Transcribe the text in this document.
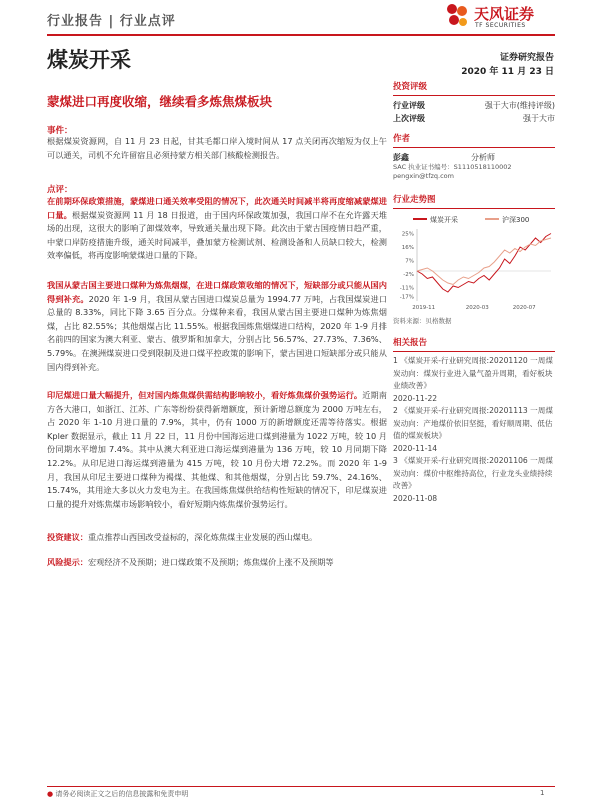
行业报告 | 行业点评	天风证券
TF SECURITIES
煤炭开采	证券研究报告
2020 年 11 月 23 日
蒙煤进口再度收缩，继续看多炼焦煤板块
事件：
根据煤炭资源网，自 11 月 23 日起，甘其毛都口岸入境时间从 17 点关闭再次缩短为仅上午可以通关，司机不允许留宿且必须持蒙方相关部门核酸检测报告。
点评：
在前期环保政策措施，蒙煤进口通关效率受阻的情况下，此次通关时间减半将再度缩减蒙煤进口量。根据煤炭资源网 11 月 18 日报道，由于国内环保政策加强，我国口岸不在允许露天堆场的出现，这很大的影响了卸煤效率，导致通关量出现下降。此次由于蒙古国疫情日趋严重，中蒙口岸防疫措施升级，通关时间减半，叠加蒙方检测试剂、检测设备和人员缺口较大，检测效率偏低，将再度影响蒙煤进口量的下降。
我国从蒙古国主要进口煤种为炼焦烟煤，在进口煤政策收缩的情况下，短缺部分或只能从国内得到补充。2020 年 1-9 月，我国从蒙古国进口煤炭总量为 1994.77 万吨，占我国煤炭进口总量的 8.33%，同比下降 3.65 百分点。分煤种来看，我国从蒙古国主要进口煤种为炼焦烟煤，占比 82.55%；其他烟煤占比 11.55%。根据我国炼焦烟煤进口结构，2020 年 1-9 月排名前四的国家为澳大利亚、蒙古、俄罗斯和加拿大，分别占比 56.57%、27.73%、7.36%、5.79%。在澳洲煤炭进口受到限制及进口煤平控政策的影响下，蒙古国进口短缺部分或只能从国内得到补充。
印尼煤进口量大幅提升，但对国内炼焦煤供需结构影响较小，看好炼焦煤价强势运行。近期南方各大港口，如浙江、江苏、广东等纷纷获得新增额度，预计新增总额度为 2000 万吨左右，占 2020 年 1-10 月进口量的 7.9%，其中，仍有 1000 万的新增额度还需等待落实。根据 Kpler 数据显示，截止 11 月 22 日，11 月份中国海运进口煤到港量为 1022 万吨，较 10 月份同期水平增加 7.4%。其中从澳大利亚进口海运煤到港量为 136 万吨，较 10 月同期下降 12.2%。从印尼进口海运煤到港量为 415 万吨，较 10 月份大增 72.2%。而 2020 年 1-9 月，我国从印尼主要进口煤种为褐煤、其他煤、和其他烟煤，分别占比 59.7%、24.16%、15.74%，其用途大多以火力发电为主。在我国炼焦煤供给结构性短缺的情况下，印尼煤炭进口量的提升对炼焦煤市场影响较小，看好短期内炼焦煤价强势运行。
投资建议：重点推荐山西国改受益标的，深化炼焦煤主业发展的西山煤电。
风险提示：宏观经济不及预期；进口煤政策不及预期；炼焦煤价上涨不及预期等
投资评级
行业评级	强于大市(维持评级)
上次评级	强于大市
作者
彭鑫	分析师
SAC 执业证书编号：S1110518110002
pengxin@tfzq.com
行业走势图
煤炭开采	沪深300
25%
16%
7%
-2%
-11%
-17%
2019-11	2020-03	2020-07
资料来源：贝格数据
相关报告
1 《煤炭开采-行业研究周报:20201120 一周煤炭动向：煤炭行业进入量气盈升周期，看好板块业绩改善》
2020-11-22
2 《煤炭开采-行业研究周报:20201113 一周煤炭动向：产地煤价依旧坚挺，看好顺周期、低估值的煤炭板块》
2020-11-14
3 《煤炭开采-行业研究周报:20201106 一周煤炭动向：煤价中枢维持高位，行业龙头业绩持续改善》
2020-11-08
● 请务必阅读正文之后的信息披露和免责申明	1
